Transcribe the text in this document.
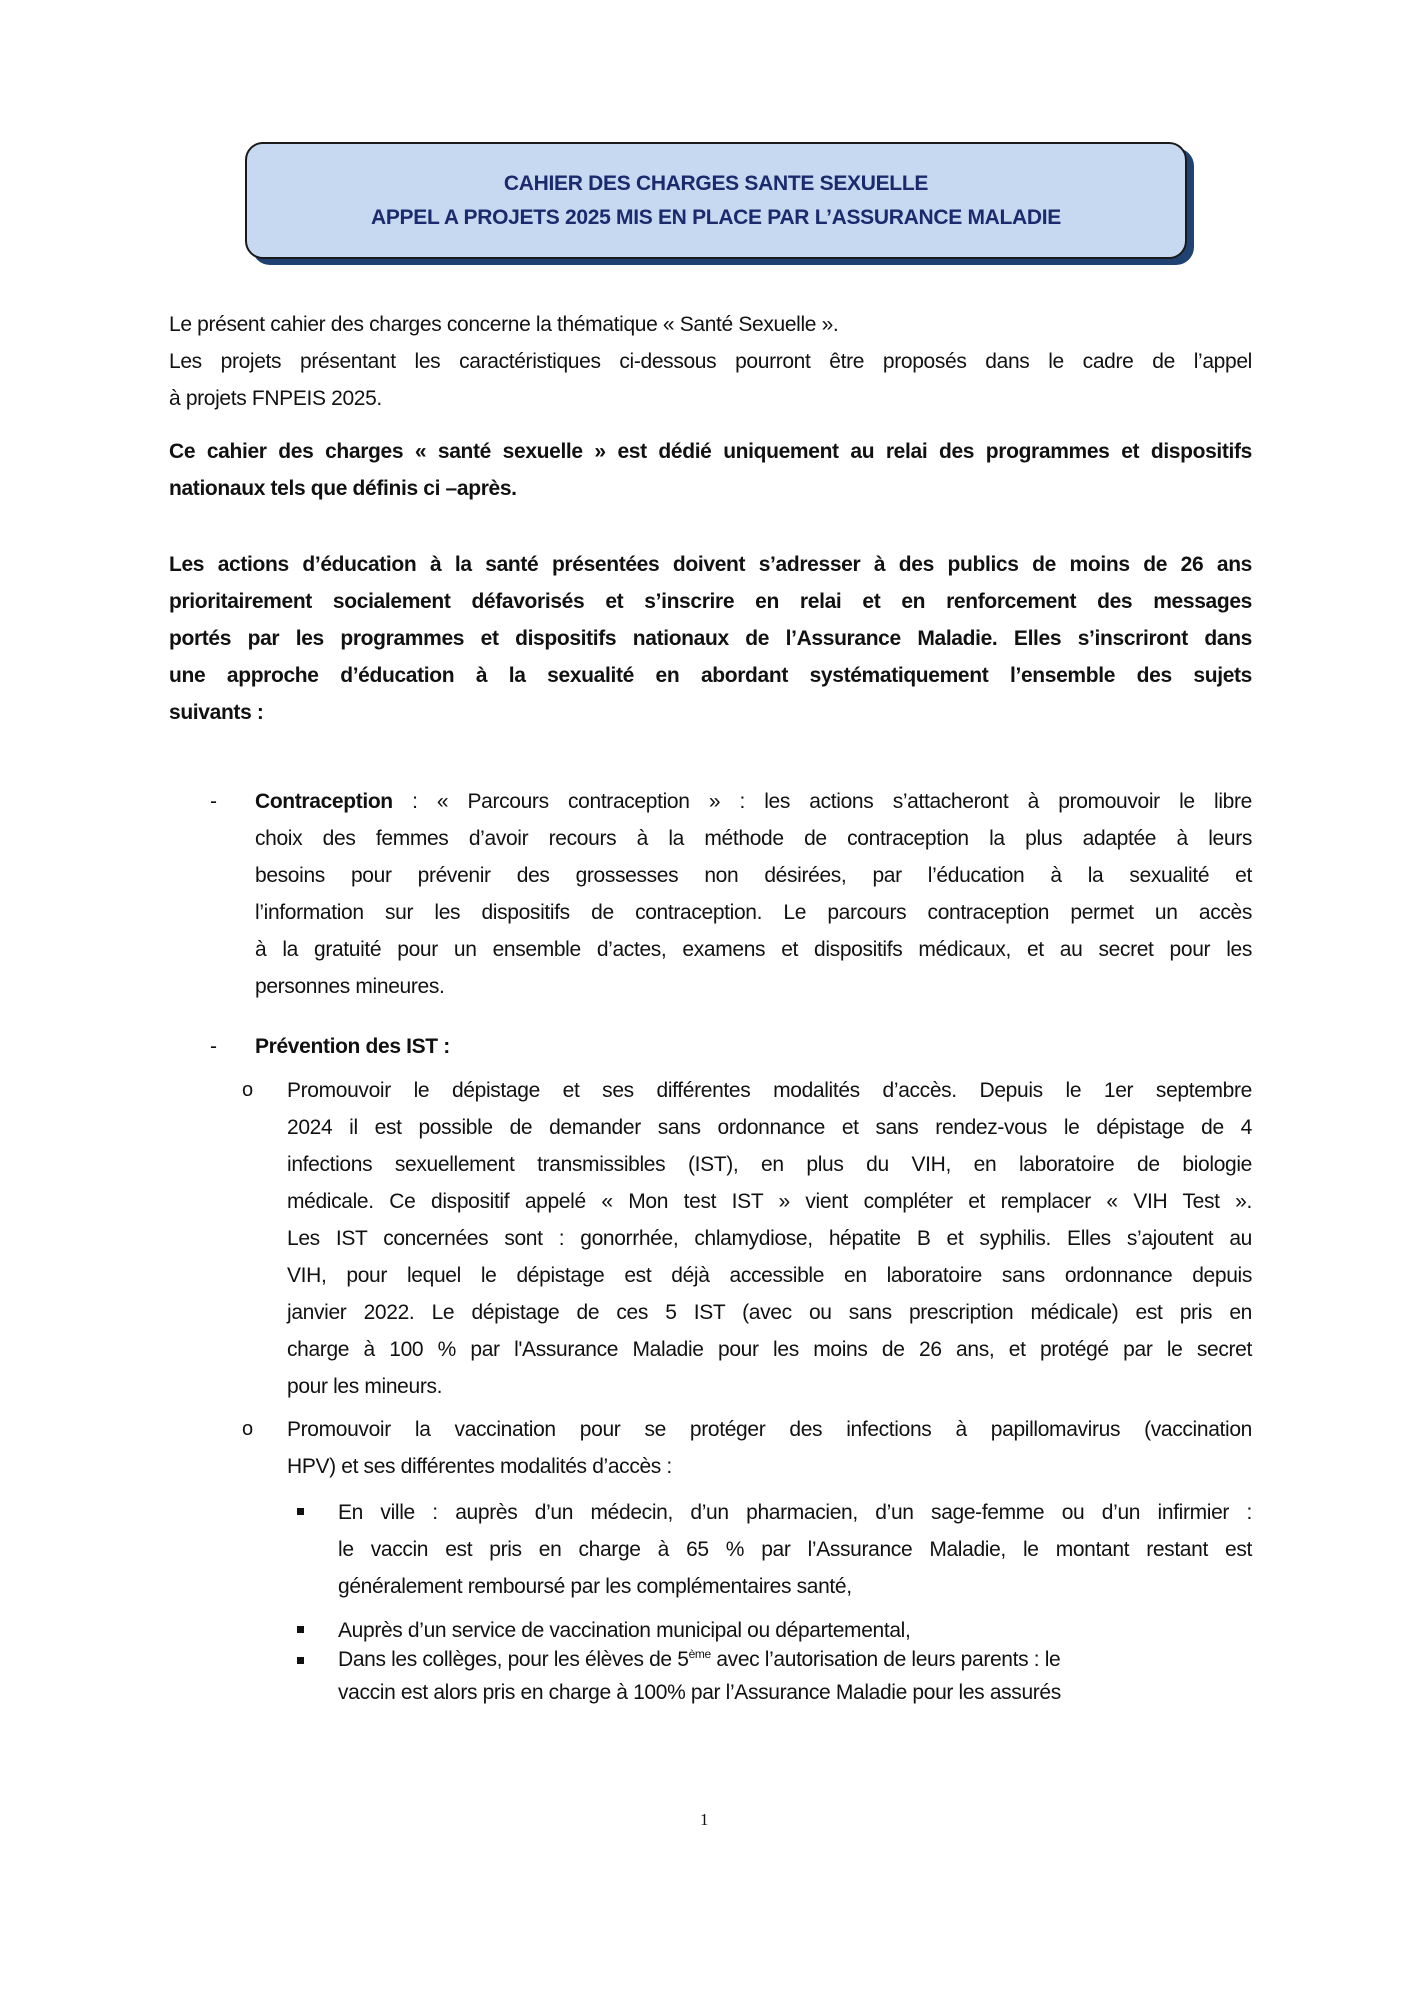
CAHIER DES CHARGES SANTE SEXUELLE
APPEL A PROJETS 2025 MIS EN PLACE PAR L’ASSURANCE MALADIE
Le présent cahier des charges concerne la thématique « Santé Sexuelle ».
Les projets présentant les caractéristiques ci-dessous pourront être proposés dans le cadre de l’appel
à projets FNPEIS 2025.
Ce cahier des charges « santé sexuelle » est dédié uniquement au relai des programmes et dispositifs
nationaux tels que définis ci –après.
Les actions d’éducation à la santé présentées doivent s’adresser à des publics de moins de 26 ans
prioritairement socialement défavorisés et s’inscrire en relai et en renforcement des messages
portés par les programmes et dispositifs nationaux de l’Assurance Maladie. Elles s’inscriront dans
une approche d’éducation à la sexualité en abordant systématiquement l’ensemble des sujets
suivants :
- Contraception : « Parcours contraception » : les actions s’attacheront à promouvoir le libre
choix des femmes d’avoir recours à la méthode de contraception la plus adaptée à leurs
besoins pour prévenir des grossesses non désirées, par l’éducation à la sexualité et
l’information sur les dispositifs de contraception. Le parcours contraception permet un accès
à la gratuité pour un ensemble d’actes, examens et dispositifs médicaux, et au secret pour les
personnes mineures.
- Prévention des IST :
o Promouvoir le dépistage et ses différentes modalités d’accès. Depuis le 1er septembre
2024 il est possible de demander sans ordonnance et sans rendez-vous le dépistage de 4
infections sexuellement transmissibles (IST), en plus du VIH, en laboratoire de biologie
médicale. Ce dispositif appelé « Mon test IST » vient compléter et remplacer « VIH Test ».
Les IST concernées sont : gonorrhée, chlamydiose, hépatite B et syphilis. Elles s’ajoutent au
VIH, pour lequel le dépistage est déjà accessible en laboratoire sans ordonnance depuis
janvier 2022. Le dépistage de ces 5 IST (avec ou sans prescription médicale) est pris en
charge à 100 % par l'Assurance Maladie pour les moins de 26 ans, et protégé par le secret
pour les mineurs.
o Promouvoir la vaccination pour se protéger des infections à papillomavirus (vaccination
HPV) et ses différentes modalités d’accès :
En ville : auprès d’un médecin, d’un pharmacien, d’un sage-femme ou d’un infirmier :
le vaccin est pris en charge à 65 % par l’Assurance Maladie, le montant restant est
généralement remboursé par les complémentaires santé,
Auprès d’un service de vaccination municipal ou départemental,
Dans les collèges, pour les élèves de 5ème avec l’autorisation de leurs parents : le
vaccin est alors pris en charge à 100% par l’Assurance Maladie pour les assurés
1
